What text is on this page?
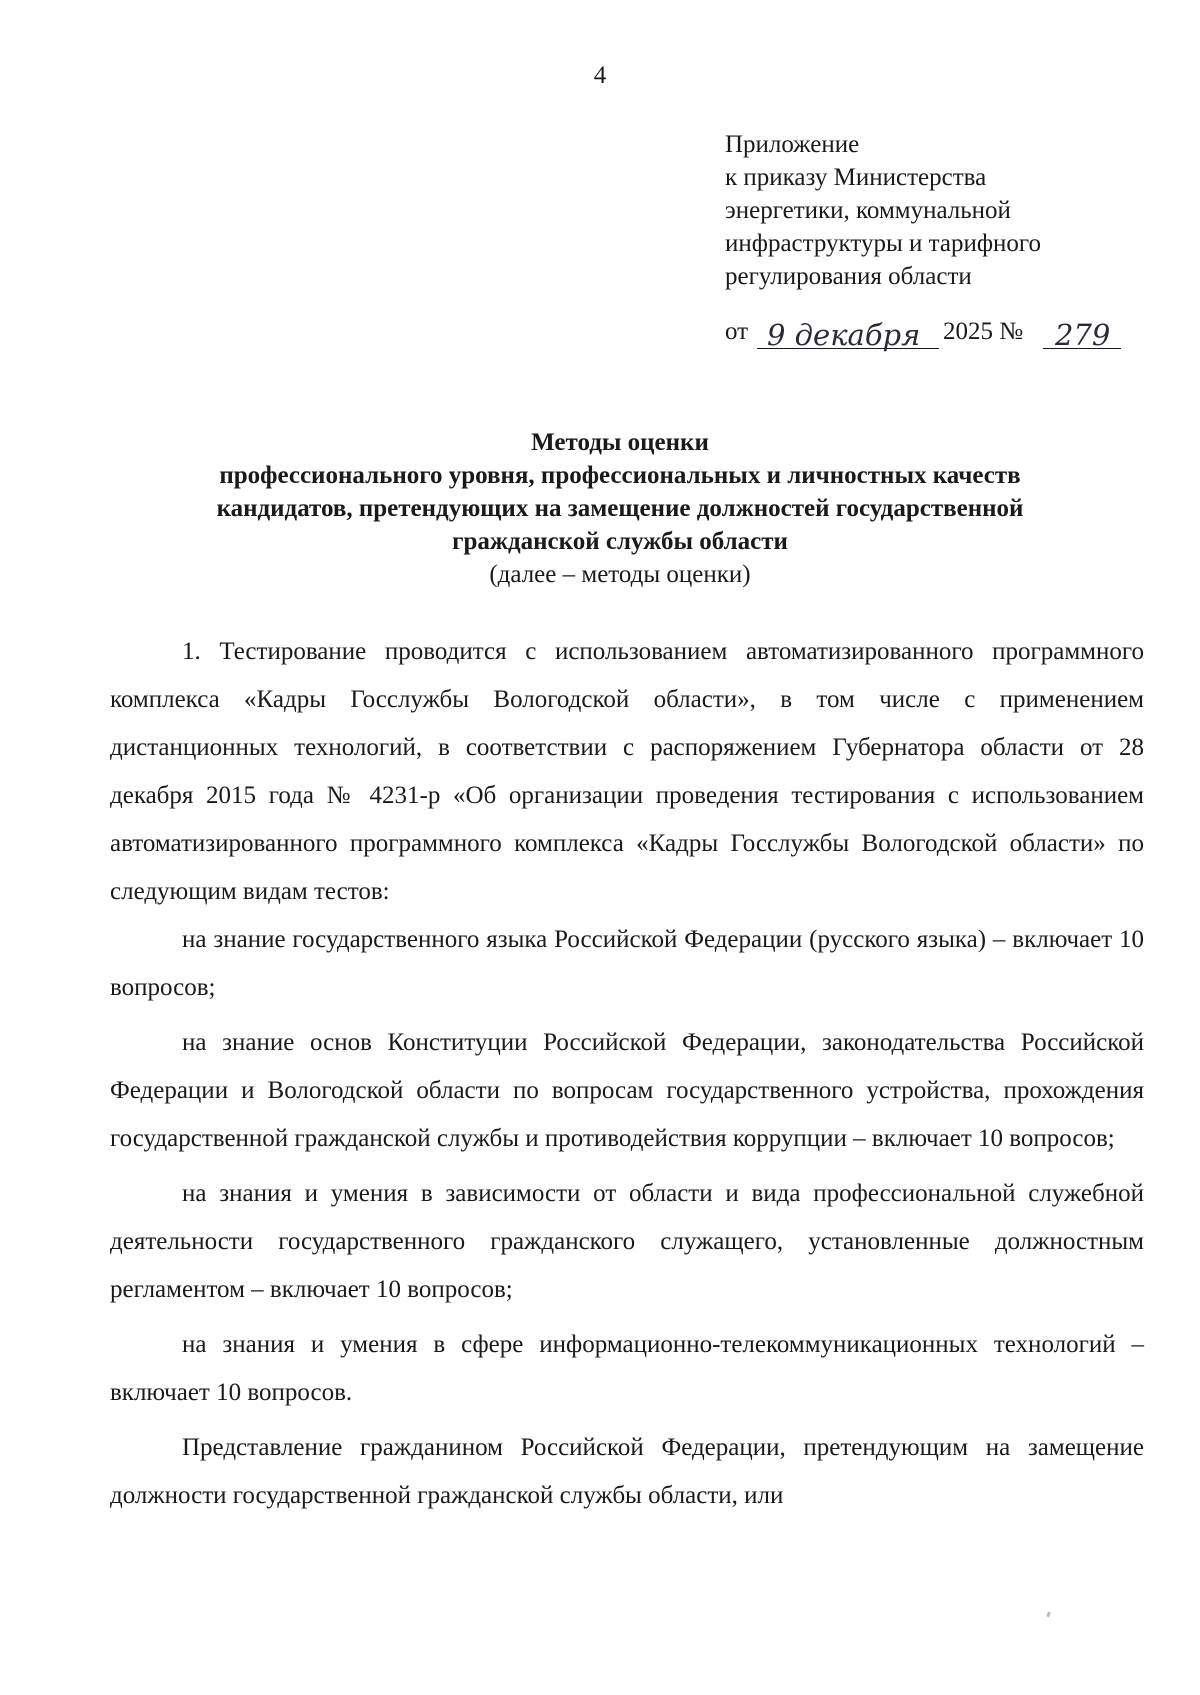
4
Приложение
к приказу Министерства
энергетики, коммунальной
инфраструктуры и тарифного
регулирования области
от 9 декабря 2025 № 279
Методы оценки
профессионального уровня, профессиональных и личностных качеств
кандидатов, претендующих на замещение должностей государственной
гражданской службы области
(далее – методы оценки)

1. Тестирование проводится с использованием автоматизированного программного комплекса «Кадры Госслужбы Вологодской области», в том числе с применением дистанционных технологий, в соответствии с распоряжением Губернатора области от 28 декабря 2015 года № 4231-р «Об организации проведения тестирования с использованием автоматизированного программного комплекса «Кадры Госслужбы Вологодской области» по следующим видам тестов:

на знание государственного языка Российской Федерации (русского языка) – включает 10 вопросов;

на знание основ Конституции Российской Федерации, законодательства Российской Федерации и Вологодской области по вопросам государственного устройства, прохождения государственной гражданской службы и противодействия коррупции – включает 10 вопросов;

на знания и умения в зависимости от области и вида профессиональной служебной деятельности государственного гражданского служащего, установленные должностным регламентом – включает 10 вопросов;

на знания и умения в сфере информационно-телекоммуникационных технологий – включает 10 вопросов.

Представление гражданином Российской Федерации, претендующим на замещение должности государственной гражданской службы области, или
